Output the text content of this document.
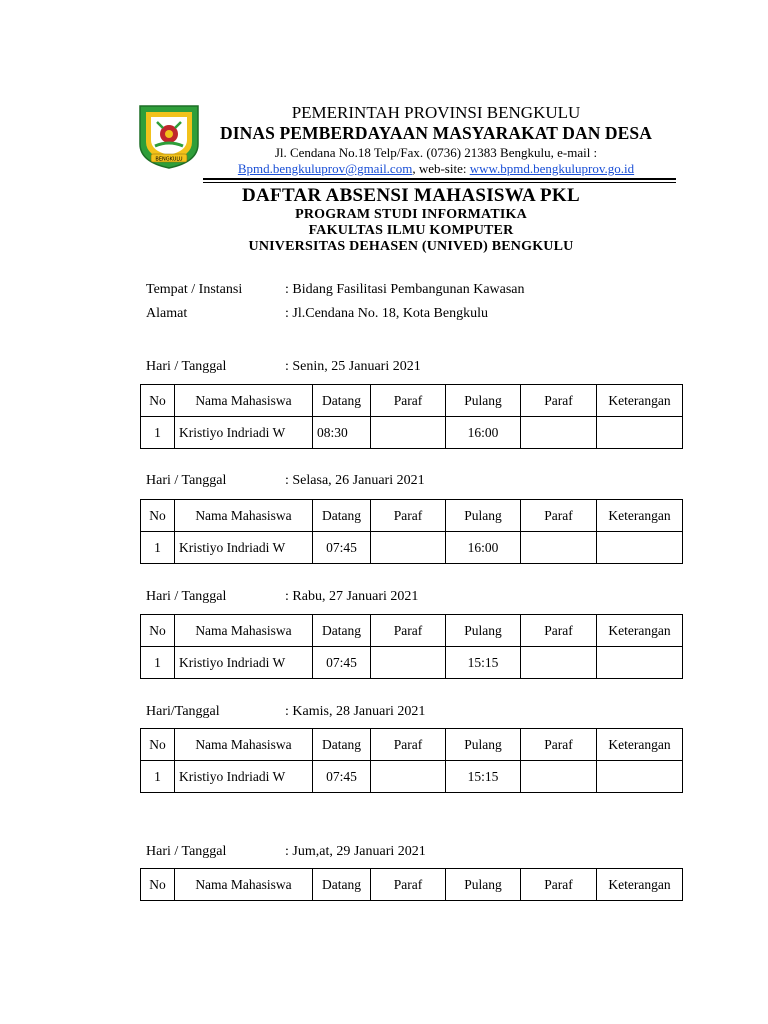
BENGKULU
PEMERINTAH PROVINSI BENGKULU
DINAS PEMBERDAYAAN MASYARAKAT DAN DESA
Jl. Cendana No.18 Telp/Fax. (0736) 21383 Bengkulu, e-mail :
Bpmd.bengkuluprov@gmail.com, web-site: www.bpmd.bengkuluprov.go.id
DAFTAR ABSENSI MAHASISWA PKL
PROGRAM STUDI INFORMATIKA
FAKULTAS ILMU KOMPUTER
UNIVERSITAS DEHASEN (UNIVED) BENGKULU
Tempat / Instansi	: Bidang Fasilitasi Pembangunan Kawasan
Alamat	: Jl.Cendana No. 18, Kota Bengkulu
Hari / Tanggal	: Senin, 25 Januari 2021
No	Nama Mahasiswa	Datang	Paraf	Pulang	Paraf	Keterangan
1	Kristiyo Indriadi W	08:30		16:00		
Hari / Tanggal	: Selasa, 26 Januari 2021
No	Nama Mahasiswa	Datang	Paraf	Pulang	Paraf	Keterangan
1	Kristiyo Indriadi W	07:45		16:00		
Hari / Tanggal	: Rabu, 27 Januari 2021
No	Nama Mahasiswa	Datang	Paraf	Pulang	Paraf	Keterangan
1	Kristiyo Indriadi W	07:45		15:15		
Hari/Tanggal	: Kamis, 28 Januari 2021
No	Nama Mahasiswa	Datang	Paraf	Pulang	Paraf	Keterangan
1	Kristiyo Indriadi W	07:45		15:15		
Hari / Tanggal	: Jum,at, 29 Januari 2021
No	Nama Mahasiswa	Datang	Paraf	Pulang	Paraf	Keterangan
